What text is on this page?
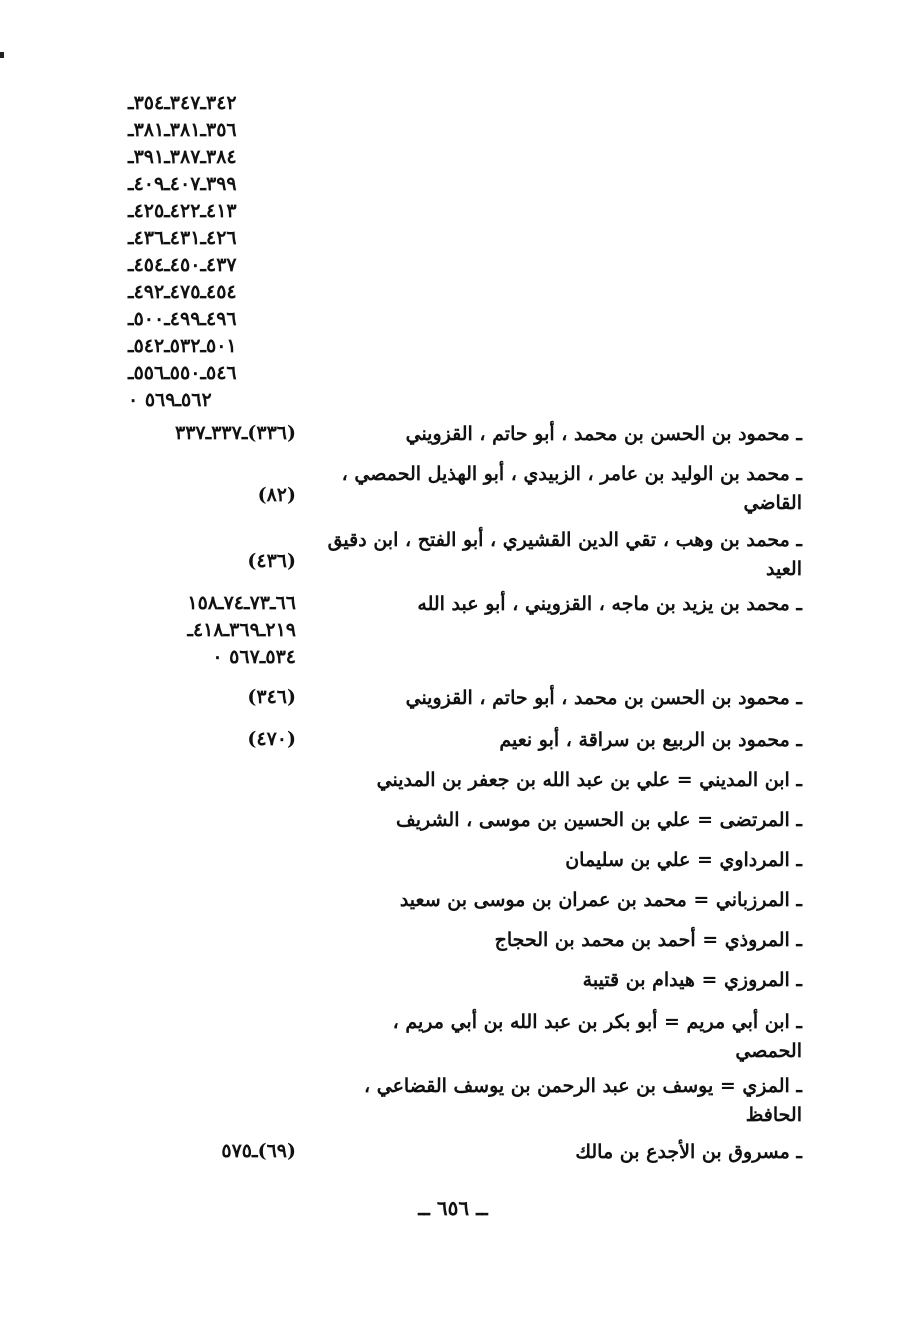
٣٤٢ـ٣٤٧ـ٣٥٤ـ
٣٥٦ـ٣٨١ـ٣٨١ـ
٣٨٤ـ٣٨٧ـ٣٩١ـ
٣٩٩ـ٤٠٧ـ٤٠٩ـ
٤١٣ـ٤٢٢ـ٤٢٥ـ
٤٢٦ـ٤٣١ـ٤٣٦ـ
٤٣٧ـ٤٥٠ـ٤٥٤ـ
٤٥٤ـ٤٧٥ـ٤٩٢ـ
٤٩٦ـ٤٩٩ـ٥٠٠ـ
٥٠١ـ٥٣٢ـ٥٤٢ـ
٥٤٦ـ٥٥٠ـ٥٥٦ـ
٥٦٢ـ٥٦٩ ٠
ـ محمود بن الحسن بن محمد ، أبو حاتم ، القزويني
(٣٣٦)ـ٣٣٧ـ٣٣٧
ـ محمد بن الوليد بن عامر ، الزبيدي ، أبو الهذيل الحمصي ، القاضي
(٨٢)
ـ محمد بن وهب ، تقي الدين القشيري ، أبو الفتح ، ابن دقيق العيد
(٤٣٦)
ـ محمد بن يزيد بن ماجه ، القزويني ، أبو عبد الله
٦٦ـ٧٣ـ٧٤ـ١٥٨
٢١٩ـ٣٦٩ـ٤١٨ـ
٥٣٤ـ٥٦٧ ٠
ـ محمود بن الحسن بن محمد ، أبو حاتم ، القزويني
(٣٤٦)
ـ محمود بن الربيع بن سراقة ، أبو نعيم
(٤٧٠)
ـ ابن المديني = علي بن عبد الله بن جعفر بن المديني
ـ المرتضى = علي بن الحسين بن موسى ، الشريف
ـ المرداوي = علي بن سليمان
ـ المرزباني = محمد بن عمران بن موسى بن سعيد
ـ المروذي = أحمد بن محمد بن الحجاج
ـ المروزي = هيدام بن قتيبة
ـ ابن أبي مريم = أبو بكر بن عبد الله بن أبي مريم ، الحمصي
ـ المزي = يوسف بن عبد الرحمن بن يوسف القضاعي ، الحافظ
ـ مسروق بن الأجدع بن مالك
(٦٩)ـ٥٧٥
ــ ٦٥٦ ــ
